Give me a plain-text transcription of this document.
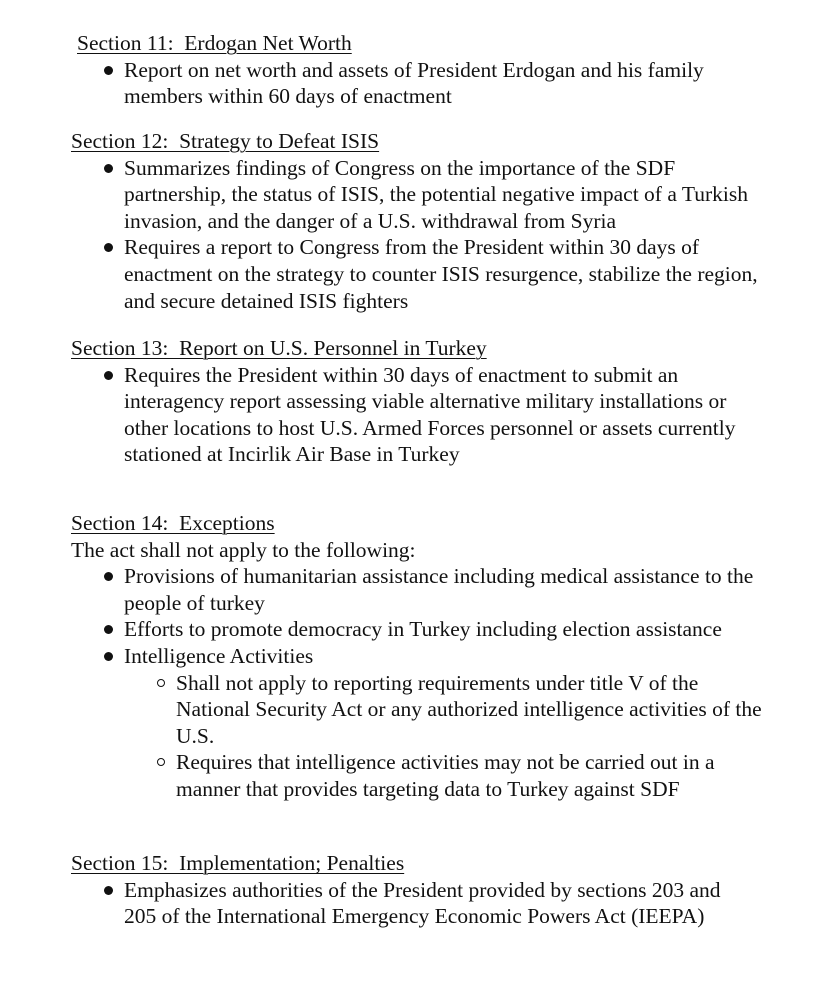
Section 11:  Erdogan Net Worth
Report on net worth and assets of President Erdogan and his family members within 60 days of enactment
Section 12:  Strategy to Defeat ISIS
Summarizes findings of Congress on the importance of the SDF partnership, the status of ISIS, the potential negative impact of a Turkish invasion, and the danger of a U.S. withdrawal from Syria
Requires a report to Congress from the President within 30 days of enactment on the strategy to counter ISIS resurgence, stabilize the region, and secure detained ISIS fighters
Section 13:  Report on U.S. Personnel in Turkey
Requires the President within 30 days of enactment to submit an interagency report assessing viable alternative military installations or other locations to host U.S. Armed Forces personnel or assets currently stationed at Incirlik Air Base in Turkey
Section 14:  Exceptions
The act shall not apply to the following:
Provisions of humanitarian assistance including medical assistance to the people of turkey
Efforts to promote democracy in Turkey including election assistance
Intelligence Activities
Shall not apply to reporting requirements under title V of the National Security Act or any authorized intelligence activities of the U.S.
Requires that intelligence activities may not be carried out in a manner that provides targeting data to Turkey against SDF
Section 15:  Implementation; Penalties
Emphasizes authorities of the President provided by sections 203 and 205 of the International Emergency Economic Powers Act (IEEPA)
